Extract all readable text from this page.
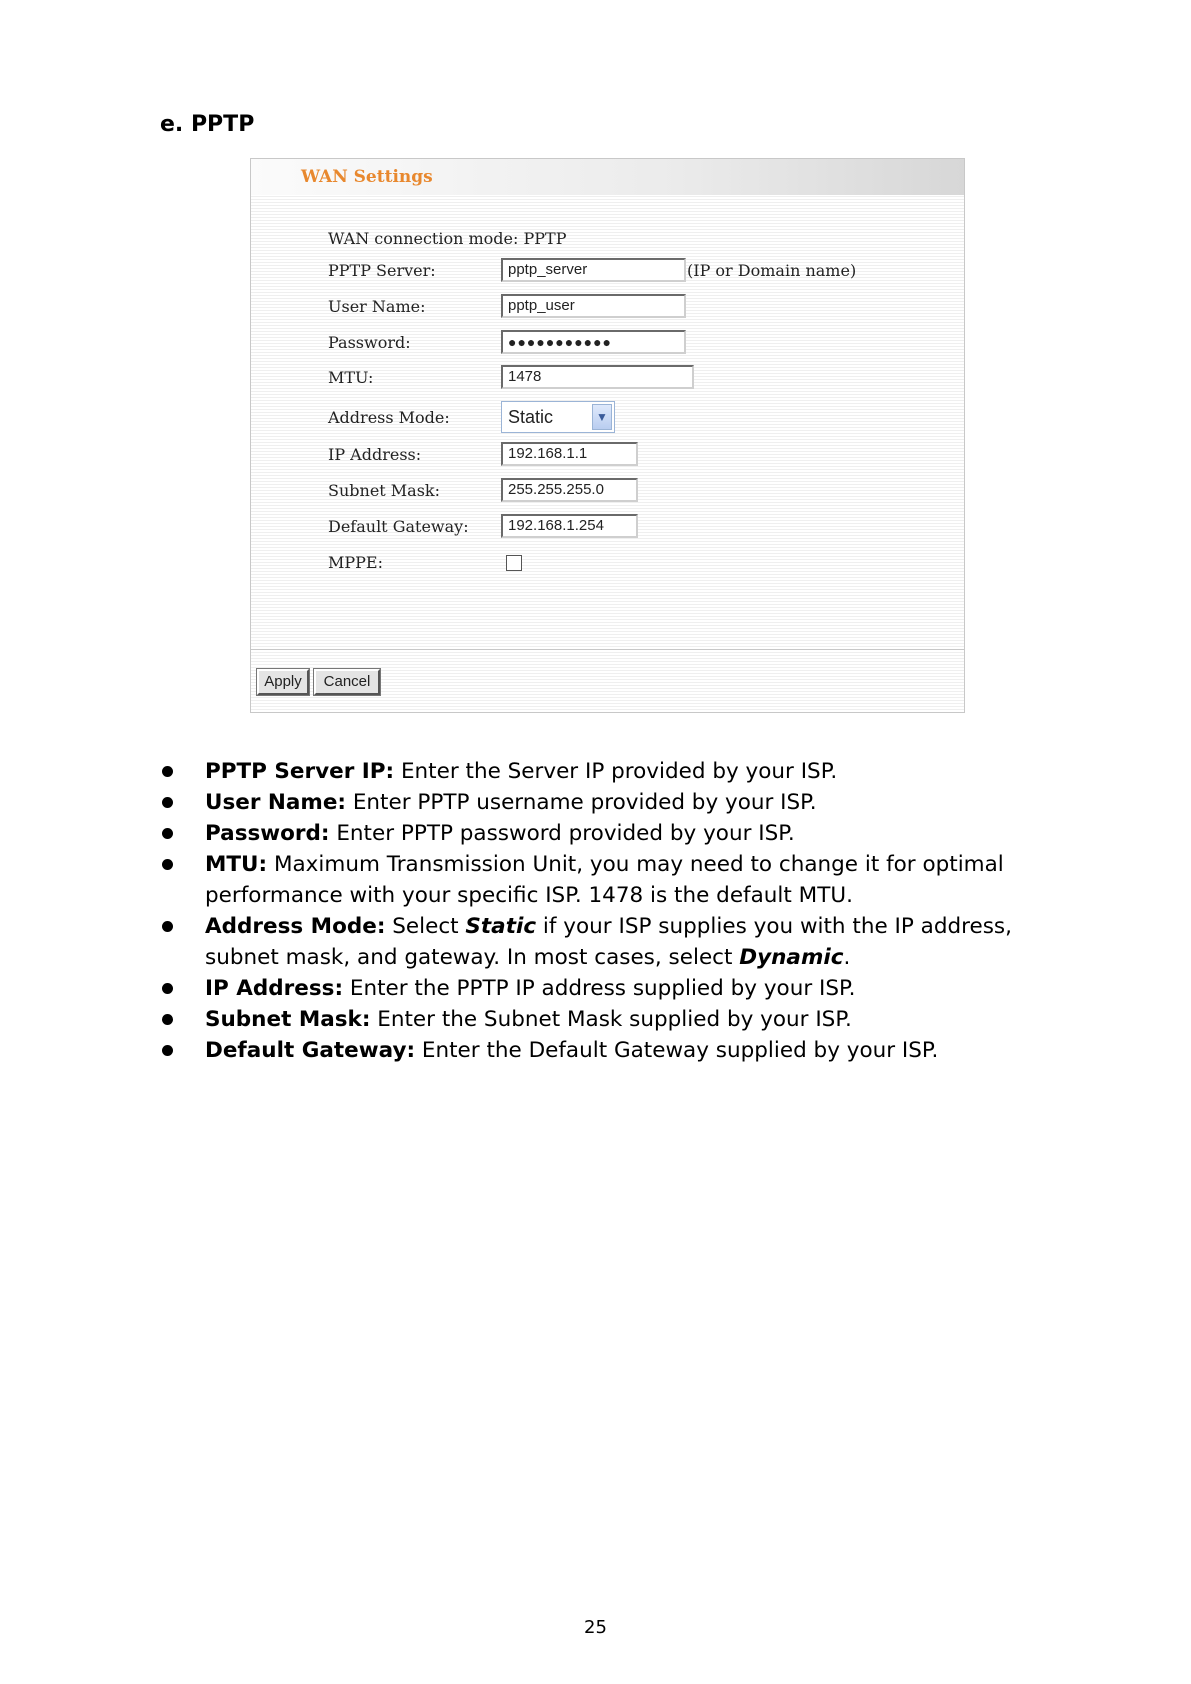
e. PPTP
WAN Settings
WAN connection mode: PPTP
PPTP Server:	pptp_server	(IP or Domain name)
User Name:	pptp_user
Password:	●●●●●●●●●●●
MTU:	1478
Address Mode:	Static	▼
IP Address:	192.168.1.1
Subnet Mask:	255.255.255.0
Default Gateway:	192.168.1.254
MPPE:
Apply	Cancel
PPTP Server IP: Enter the Server IP provided by your ISP.
User Name: Enter PPTP username provided by your ISP.
Password: Enter PPTP password provided by your ISP.
MTU: Maximum Transmission Unit, you may need to change it for optimal performance with your specific ISP. 1478 is the default MTU.
Address Mode: Select Static if your ISP supplies you with the IP address, subnet mask, and gateway. In most cases, select Dynamic.
IP Address: Enter the PPTP IP address supplied by your ISP.
Subnet Mask: Enter the Subnet Mask supplied by your ISP.
Default Gateway: Enter the Default Gateway supplied by your ISP.
25
